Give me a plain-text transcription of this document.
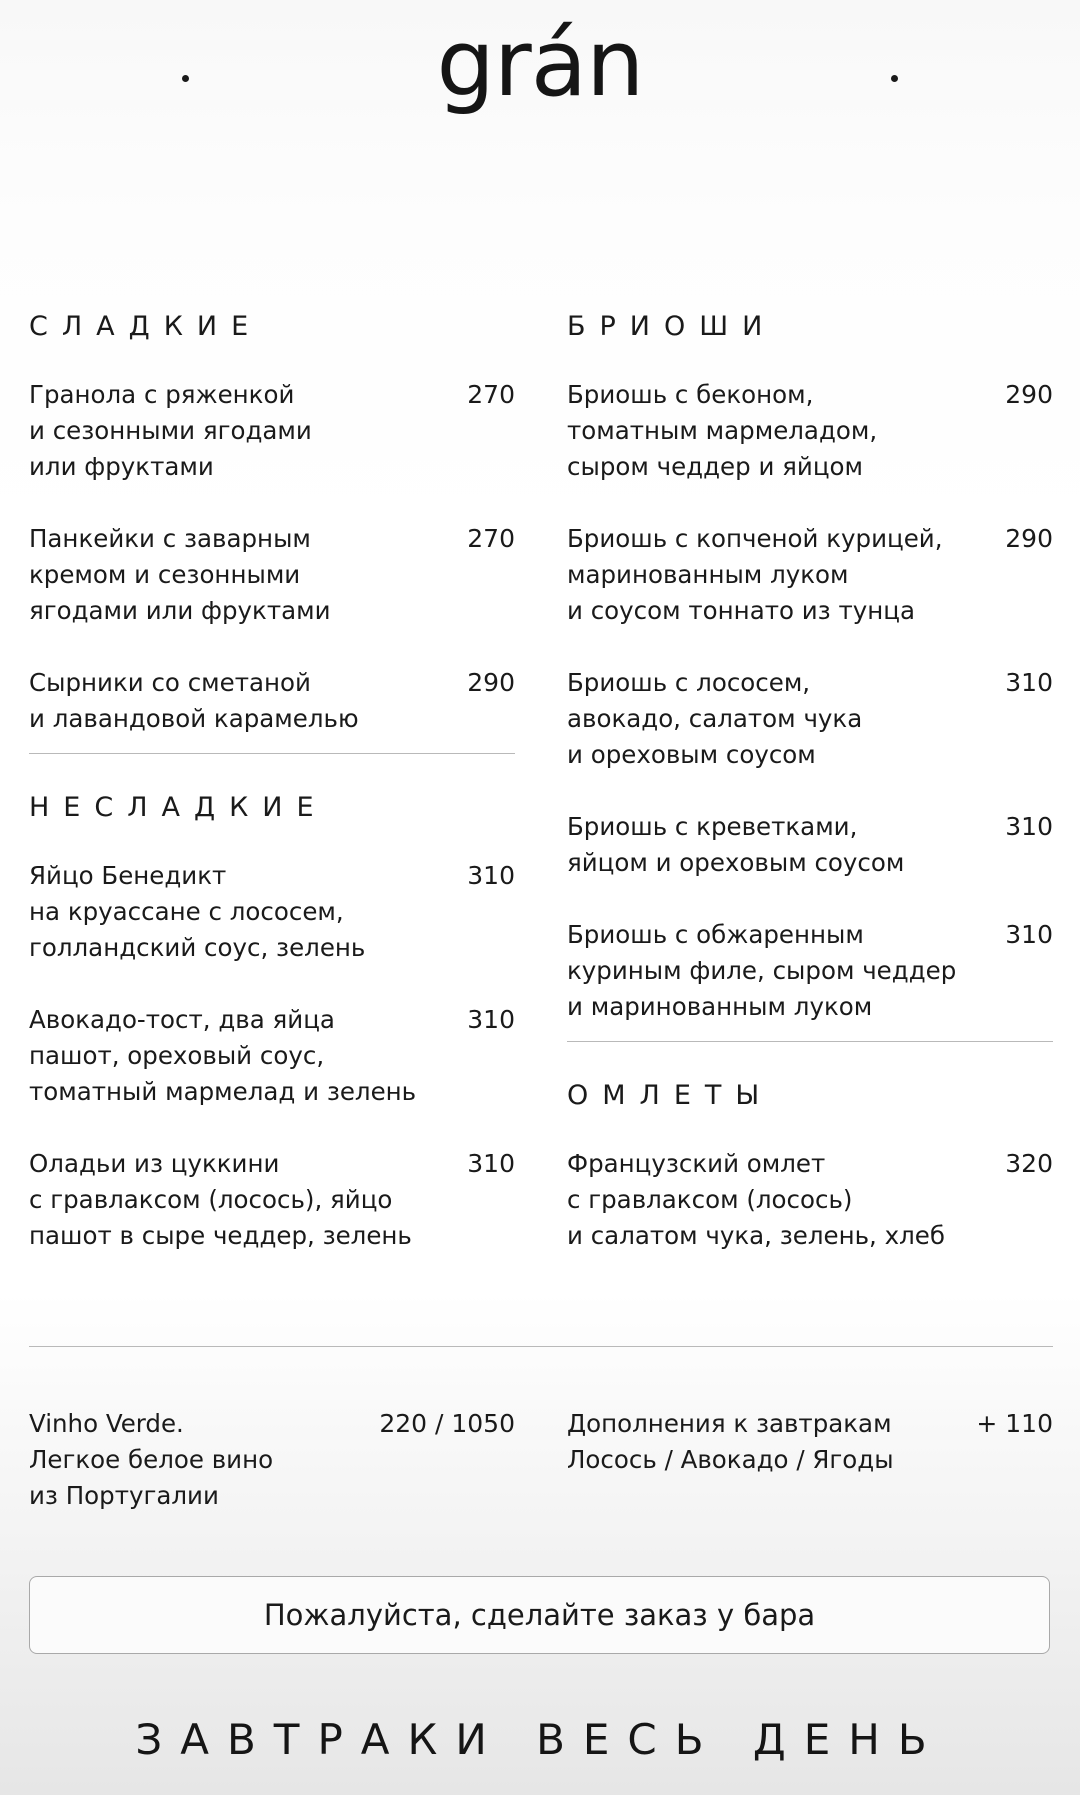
grán
СЛАДКИЕ
Гранола с ряженкой
и сезонными ягодами
или фруктами
270
Панкейки с заварным
кремом и сезонными
ягодами или фруктами
270
Сырники со сметаной
и лавандовой карамелью
290
НЕСЛАДКИЕ
Яйцо Бенедикт
на круассане с лососем,
голландский соус, зелень
310
Авокадо-тост, два яйца
пашот, ореховый соус,
томатный мармелад и зелень
310
Оладьи из цуккини
с гравлаксом (лосось), яйцо
пашот в сыре чеддер, зелень
310
БРИОШИ
Бриошь с беконом,
томатным мармеладом,
сыром чеддер и яйцом
290
Бриошь с копченой курицей,
маринованным луком
и соусом тоннато из тунца
290
Бриошь с лососем,
авокадо, салатом чука
и ореховым соусом
310
Бриошь с креветками,
яйцом и ореховым соусом
310
Бриошь с обжаренным
куриным филе, сыром чеддер
и маринованным луком
310
ОМЛЕТЫ
Французский омлет
с гравлаксом (лосось)
и салатом чука, зелень, хлеб
320
Vinho Verde.
Легкое белое вино
из Португалии
220 / 1050 Дополнения к завтракам
Лосось / Авокадо / Ягоды
+ 110
Пожалуйста, сделайте заказ у бара
ЗАВТРАКИ ВЕСЬ ДЕНЬ
